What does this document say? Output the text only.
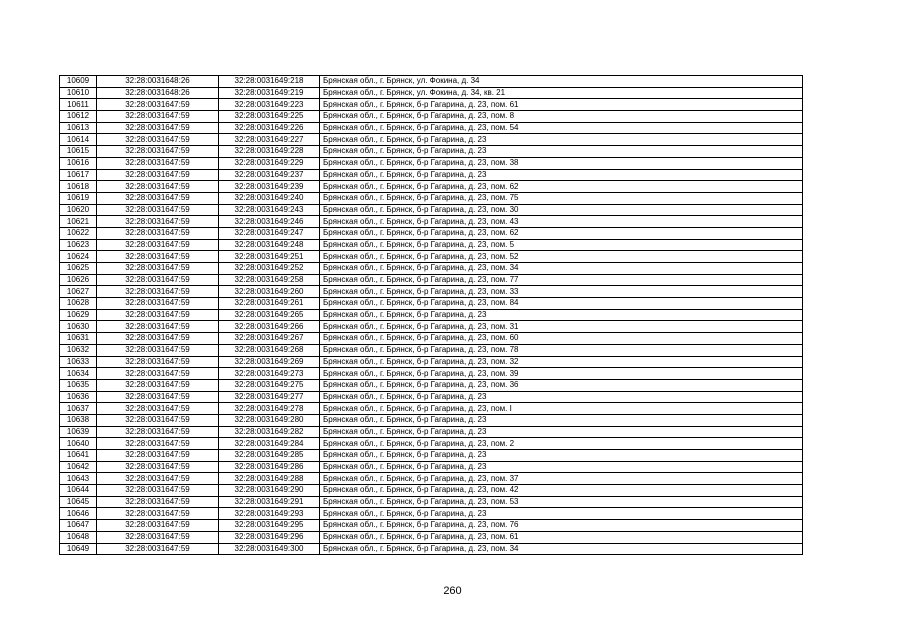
10609	32:28:0031648:26	32:28:0031649:218	Брянская обл., г. Брянск, ул. Фокина, д. 34
10610	32:28:0031648:26	32:28:0031649:219	Брянская обл., г. Брянск, ул. Фокина, д. 34, кв. 21
10611	32:28:0031647:59	32:28:0031649:223	Брянская обл., г. Брянск, б-р Гагарина, д. 23, пом. 61
10612	32:28:0031647:59	32:28:0031649:225	Брянская обл., г. Брянск, б-р Гагарина, д. 23, пом. 8
10613	32:28:0031647:59	32:28:0031649:226	Брянская обл., г. Брянск, б-р Гагарина, д. 23, пом. 54
10614	32:28:0031647:59	32:28:0031649:227	Брянская обл., г. Брянск, б-р Гагарина, д. 23
10615	32:28:0031647:59	32:28:0031649:228	Брянская обл., г. Брянск, б-р Гагарина, д. 23
10616	32:28:0031647:59	32:28:0031649:229	Брянская обл., г. Брянск, б-р Гагарина, д. 23, пом. 38
10617	32:28:0031647:59	32:28:0031649:237	Брянская обл., г. Брянск, б-р Гагарина, д. 23
10618	32:28:0031647:59	32:28:0031649:239	Брянская обл., г. Брянск, б-р Гагарина, д. 23, пом. 62
10619	32:28:0031647:59	32:28:0031649:240	Брянская обл., г. Брянск, б-р Гагарина, д. 23, пом. 75
10620	32:28:0031647:59	32:28:0031649:243	Брянская обл., г. Брянск, б-р Гагарина, д. 23, пом. 30
10621	32:28:0031647:59	32:28:0031649:246	Брянская обл., г. Брянск, б-р Гагарина, д. 23, пом. 43
10622	32:28:0031647:59	32:28:0031649:247	Брянская обл., г. Брянск, б-р Гагарина, д. 23, пом. 62
10623	32:28:0031647:59	32:28:0031649:248	Брянская обл., г. Брянск, б-р Гагарина, д. 23, пом. 5
10624	32:28:0031647:59	32:28:0031649:251	Брянская обл., г. Брянск, б-р Гагарина, д. 23, пом. 52
10625	32:28:0031647:59	32:28:0031649:252	Брянская обл., г. Брянск, б-р Гагарина, д. 23, пом. 34
10626	32:28:0031647:59	32:28:0031649:258	Брянская обл., г. Брянск, б-р Гагарина, д. 23, пом. 77
10627	32:28:0031647:59	32:28:0031649:260	Брянская обл., г. Брянск, б-р Гагарина, д. 23, пом. 33
10628	32:28:0031647:59	32:28:0031649:261	Брянская обл., г. Брянск, б-р Гагарина, д. 23, пом. 84
10629	32:28:0031647:59	32:28:0031649:265	Брянская обл., г. Брянск, б-р Гагарина, д. 23
10630	32:28:0031647:59	32:28:0031649:266	Брянская обл., г. Брянск, б-р Гагарина, д. 23, пом. 31
10631	32:28:0031647:59	32:28:0031649:267	Брянская обл., г. Брянск, б-р Гагарина, д. 23, пом. 60
10632	32:28:0031647:59	32:28:0031649:268	Брянская обл., г. Брянск, б-р Гагарина, д. 23, пом. 78
10633	32:28:0031647:59	32:28:0031649:269	Брянская обл., г. Брянск, б-р Гагарина, д. 23, пом. 32
10634	32:28:0031647:59	32:28:0031649:273	Брянская обл., г. Брянск, б-р Гагарина, д. 23, пом. 39
10635	32:28:0031647:59	32:28:0031649:275	Брянская обл., г. Брянск, б-р Гагарина, д. 23, пом. 36
10636	32:28:0031647:59	32:28:0031649:277	Брянская обл., г. Брянск, б-р Гагарина, д. 23
10637	32:28:0031647:59	32:28:0031649:278	Брянская обл., г. Брянск, б-р Гагарина, д. 23, пом. I
10638	32:28:0031647:59	32:28:0031649:280	Брянская обл., г. Брянск, б-р Гагарина, д. 23
10639	32:28:0031647:59	32:28:0031649:282	Брянская обл., г. Брянск, б-р Гагарина, д. 23
10640	32:28:0031647:59	32:28:0031649:284	Брянская обл., г. Брянск, б-р Гагарина, д. 23, пом. 2
10641	32:28:0031647:59	32:28:0031649:285	Брянская обл., г. Брянск, б-р Гагарина, д. 23
10642	32:28:0031647:59	32:28:0031649:286	Брянская обл., г. Брянск, б-р Гагарина, д. 23
10643	32:28:0031647:59	32:28:0031649:288	Брянская обл., г. Брянск, б-р Гагарина, д. 23, пом. 37
10644	32:28:0031647:59	32:28:0031649:290	Брянская обл., г. Брянск, б-р Гагарина, д. 23, пом. 42
10645	32:28:0031647:59	32:28:0031649:291	Брянская обл., г. Брянск, б-р Гагарина, д. 23, пом. 53
10646	32:28:0031647:59	32:28:0031649:293	Брянская обл., г. Брянск, б-р Гагарина, д. 23
10647	32:28:0031647:59	32:28:0031649:295	Брянская обл., г. Брянск, б-р Гагарина, д. 23, пом. 76
10648	32:28:0031647:59	32:28:0031649:296	Брянская обл., г. Брянск, б-р Гагарина, д. 23, пом. 61
10649	32:28:0031647:59	32:28:0031649:300	Брянская обл., г. Брянск, б-р Гагарина, д. 23, пом. 34
260
